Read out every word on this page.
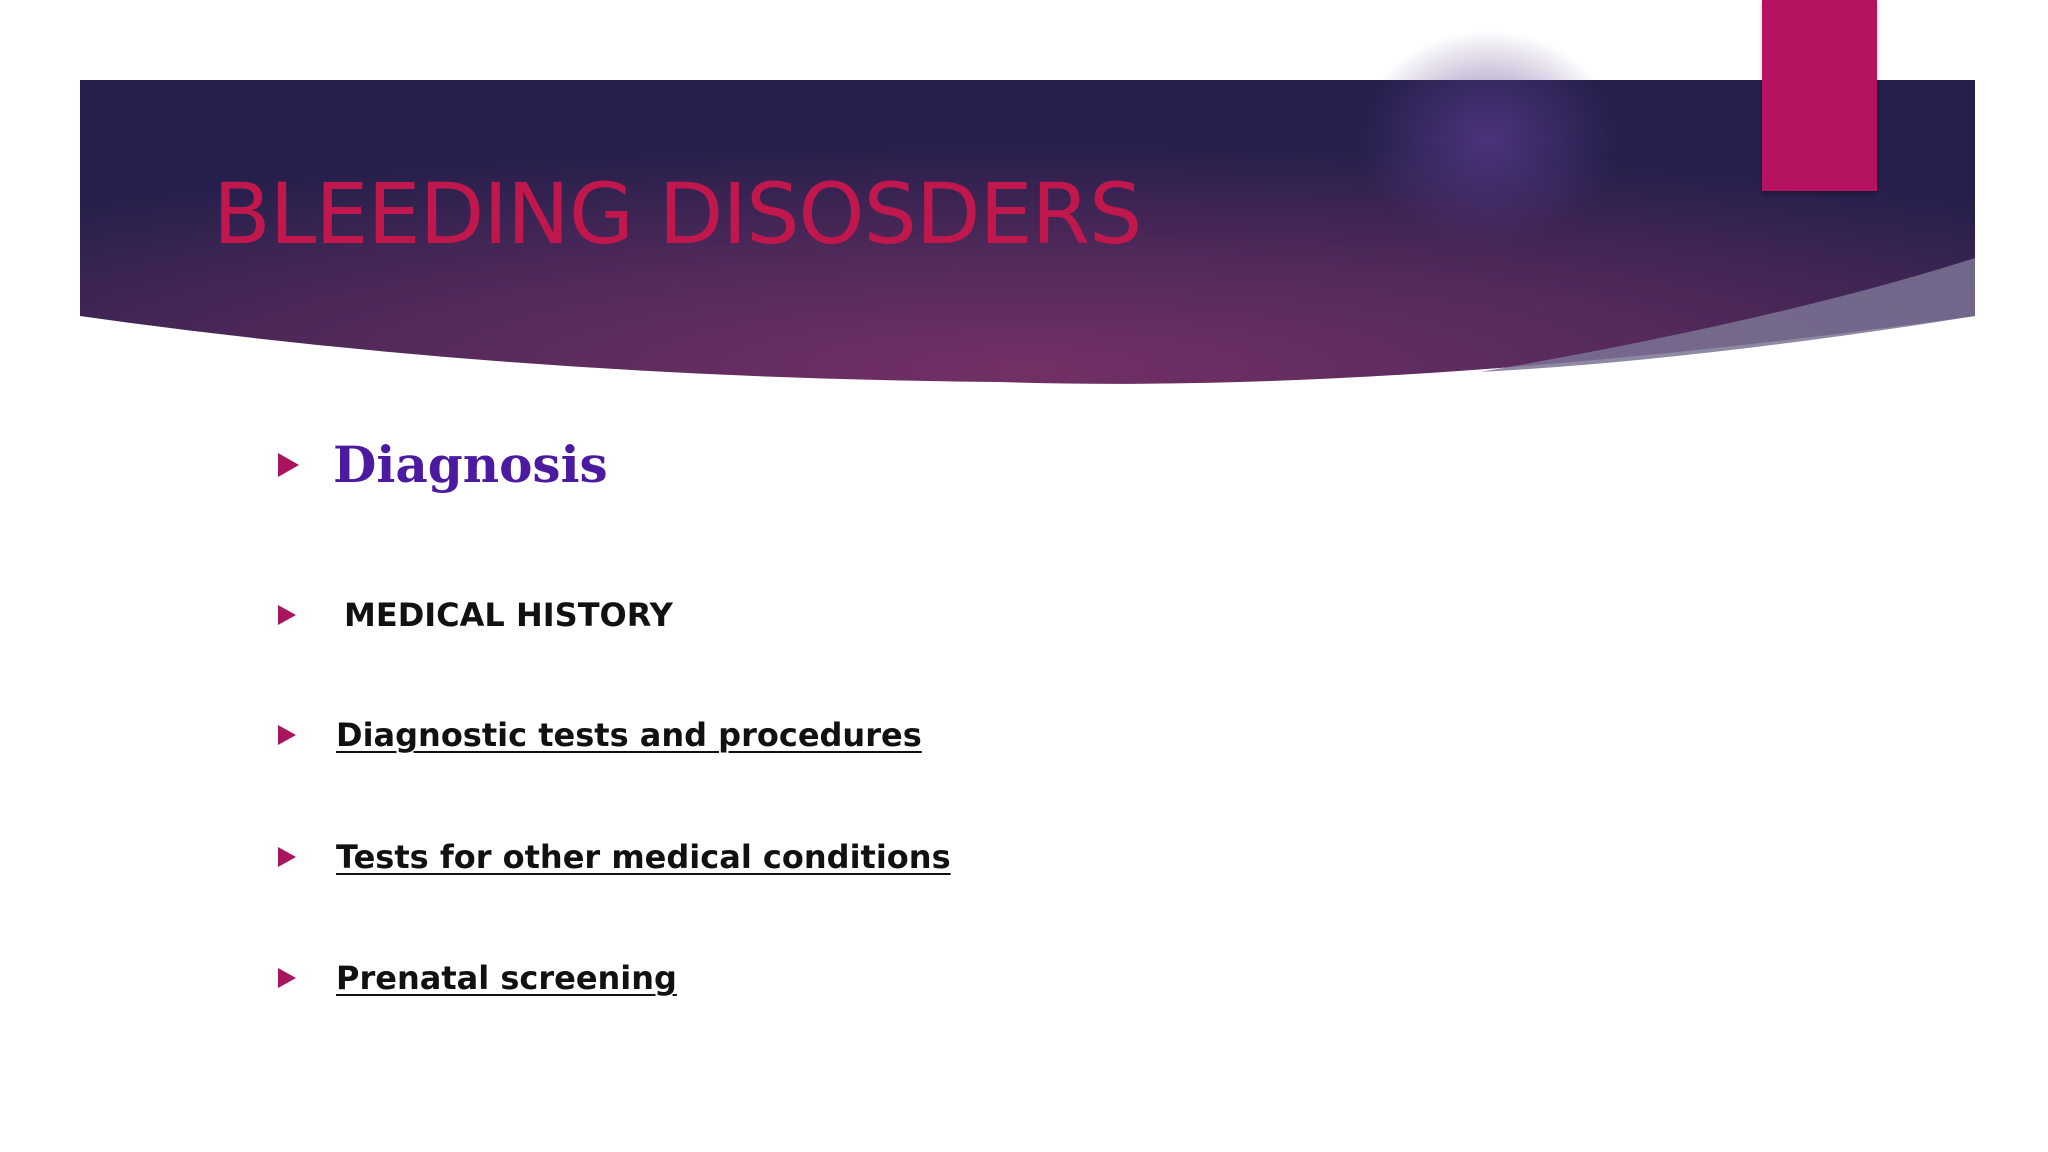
BLEEDING DISOSDERS
Diagnosis
MEDICAL HISTORY
Diagnostic tests and procedures
Tests for other medical conditions
Prenatal screening
